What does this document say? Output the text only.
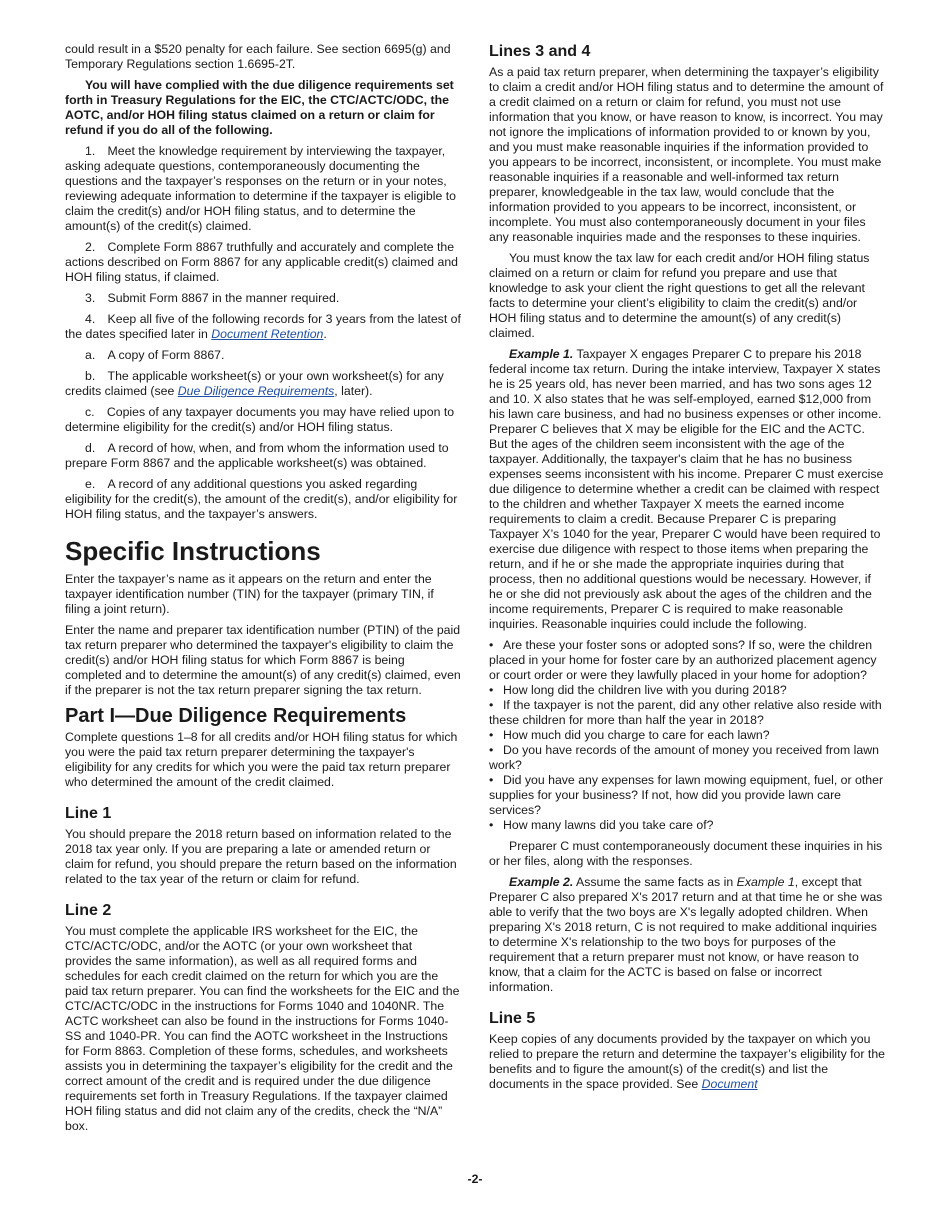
could result in a $520 penalty for each failure. See section 6695(g) and Temporary Regulations section 1.6695-2T.

You will have complied with the due diligence requirements set forth in Treasury Regulations for the EIC, the CTC/ACTC/ODC, the AOTC, and/or HOH filing status claimed on a return or claim for refund if you do all of the following.

1. Meet the knowledge requirement by interviewing the taxpayer, asking adequate questions, contemporaneously documenting the questions and the taxpayer’s responses on the return or in your notes, reviewing adequate information to determine if the taxpayer is eligible to claim the credit(s) and/or HOH filing status, and to determine the amount(s) of the credit(s) claimed.

2. Complete Form 8867 truthfully and accurately and complete the actions described on Form 8867 for any applicable credit(s) claimed and HOH filing status, if claimed.

3. Submit Form 8867 in the manner required.

4. Keep all five of the following records for 3 years from the latest of the dates specified later in Document Retention.

a. A copy of Form 8867.

b. The applicable worksheet(s) or your own worksheet(s) for any credits claimed (see Due Diligence Requirements, later).

c. Copies of any taxpayer documents you may have relied upon to determine eligibility for the credit(s) and/or HOH filing status.

d. A record of how, when, and from whom the information used to prepare Form 8867 and the applicable worksheet(s) was obtained.

e. A record of any additional questions you asked regarding eligibility for the credit(s), the amount of the credit(s), and/or eligibility for HOH filing status, and the taxpayer’s answers.

Specific Instructions

Enter the taxpayer’s name as it appears on the return and enter the taxpayer identification number (TIN) for the taxpayer (primary TIN, if filing a joint return).

Enter the name and preparer tax identification number (PTIN) of the paid tax return preparer who determined the taxpayer's eligibility to claim the credit(s) and/or HOH filing status for which Form 8867 is being completed and to determine the amount(s) of any credit(s) claimed, even if the preparer is not the tax return preparer signing the tax return.

Part I—Due Diligence Requirements

Complete questions 1–8 for all credits and/or HOH filing status for which you were the paid tax return preparer determining the taxpayer's eligibility for any credits for which you were the paid tax return preparer who determined the amount of the credit claimed.

Line 1

You should prepare the 2018 return based on information related to the 2018 tax year only. If you are preparing a late or amended return or claim for refund, you should prepare the return based on the information related to the tax year of the return or claim for refund.

Line 2

You must complete the applicable IRS worksheet for the EIC, the CTC/ACTC/ODC, and/or the AOTC (or your own worksheet that provides the same information), as well as all required forms and schedules for each credit claimed on the return for which you are the paid tax return preparer. You can find the worksheets for the EIC and the CTC/ACTC/ODC in the instructions for Forms 1040 and 1040NR. The ACTC worksheet can also be found in the instructions for Forms 1040-SS and 1040-PR. You can find the AOTC worksheet in the Instructions for Form 8863. Completion of these forms, schedules, and worksheets assists you in determining the taxpayer’s eligibility for the credit and the correct amount of the credit and is required under the due diligence requirements set forth in Treasury Regulations. If the taxpayer claimed HOH filing status and did not claim any of the credits, check the “N/A” box.

Lines 3 and 4

As a paid tax return preparer, when determining the taxpayer’s eligibility to claim a credit and/or HOH filing status and to determine the amount of a credit claimed on a return or claim for refund, you must not use information that you know, or have reason to know, is incorrect. You may not ignore the implications of information provided to or known by you, and you must make reasonable inquiries if the information provided to you appears to be incorrect, inconsistent, or incomplete. You must make reasonable inquiries if a reasonable and well-informed tax return preparer, knowledgeable in the tax law, would conclude that the information provided to you appears to be incorrect, inconsistent, or incomplete. You must also contemporaneously document in your files any reasonable inquiries made and the responses to these inquiries.

You must know the tax law for each credit and/or HOH filing status claimed on a return or claim for refund you prepare and use that knowledge to ask your client the right questions to get all the relevant facts to determine your client’s eligibility to claim the credit(s) and/or HOH filing status and to determine the amount(s) of any credit(s) claimed.

Example 1. Taxpayer X engages Preparer C to prepare his 2018 federal income tax return. During the intake interview, Taxpayer X states he is 25 years old, has never been married, and has two sons ages 12 and 10. X also states that he was self-employed, earned $12,000 from his lawn care business, and had no business expenses or other income. Preparer C believes that X may be eligible for the EIC and the ACTC. But the ages of the children seem inconsistent with the age of the taxpayer. Additionally, the taxpayer's claim that he has no business expenses seems inconsistent with his income. Preparer C must exercise due diligence to determine whether a credit can be claimed with respect to the children and whether Taxpayer X meets the earned income requirements to claim a credit. Because Preparer C is preparing Taxpayer X’s 1040 for the year, Preparer C would have been required to exercise due diligence with respect to those items when preparing the return, and if he or she made the appropriate inquiries during that process, then no additional questions would be necessary. However, if he or she did not previously ask about the ages of the children and the income requirements, Preparer C is required to make reasonable inquiries. Reasonable inquiries could include the following.

• Are these your foster sons or adopted sons? If so, were the children placed in your home for foster care by an authorized placement agency or court order or were they lawfully placed in your home for adoption?

• How long did the children live with you during 2018?

• If the taxpayer is not the parent, did any other relative also reside with these children for more than half the year in 2018?

• How much did you charge to care for each lawn?

• Do you have records of the amount of money you received from lawn work?

• Did you have any expenses for lawn mowing equipment, fuel, or other supplies for your business? If not, how did you provide lawn care services?

• How many lawns did you take care of?

Preparer C must contemporaneously document these inquiries in his or her files, along with the responses.

Example 2. Assume the same facts as in Example 1, except that Preparer C also prepared X's 2017 return and at that time he or she was able to verify that the two boys are X's legally adopted children. When preparing X's 2018 return, C is not required to make additional inquiries to determine X's relationship to the two boys for purposes of the requirement that a return preparer must not know, or have reason to know, that a claim for the ACTC is based on false or incorrect information.

Line 5

Keep copies of any documents provided by the taxpayer on which you relied to prepare the return and determine the taxpayer’s eligibility for the benefits and to figure the amount(s) of the credit(s) and list the documents in the space provided. See Document

-2-
